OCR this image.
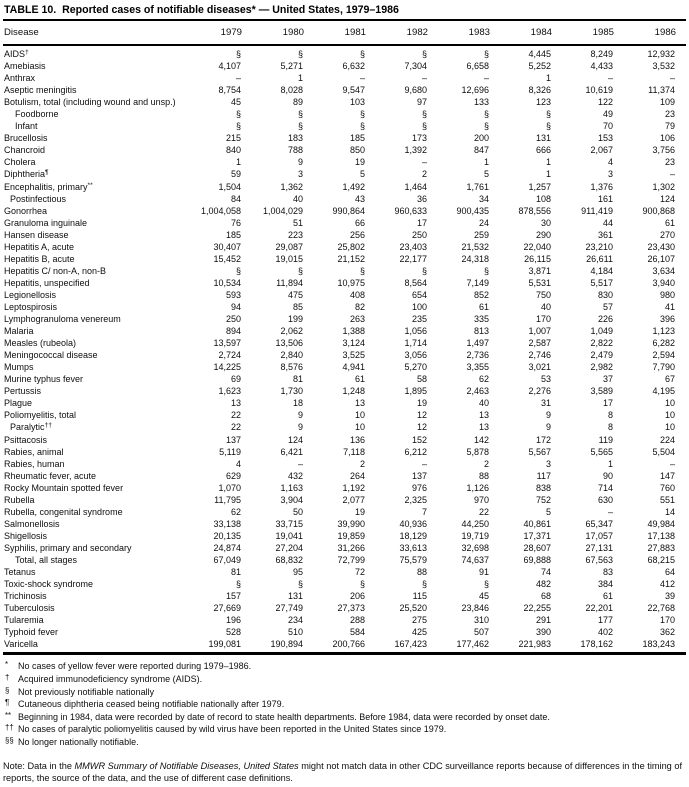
TABLE 10.  Reported cases of notifiable diseases* — United States, 1979–1986
Disease	1979	1980	1981	1982	1983	1984	1985	1986
AIDS†	§	§	§	§	§	4,445	8,249	12,932
Amebiasis	4,107	5,271	6,632	7,304	6,658	5,252	4,433	3,532
Anthrax	–	1	–	–	–	1	–	–
Aseptic meningitis	8,754	8,028	9,547	9,680	12,696	8,326	10,619	11,374
Botulism, total (including wound and unsp.)	45	89	103	97	133	123	122	109
Foodborne	§	§	§	§	§	§	49	23
Infant	§	§	§	§	§	§	70	79
Brucellosis	215	183	185	173	200	131	153	106
Chancroid	840	788	850	1,392	847	666	2,067	3,756
Cholera	1	9	19	–	1	1	4	23
Diphtheria¶	59	3	5	2	5	1	3	–
Encephalitis, primary**	1,504	1,362	1,492	1,464	1,761	1,257	1,376	1,302
Postinfectious	84	40	43	36	34	108	161	124
Gonorrhea	1,004,058	1,004,029	990,864	960,633	900,435	878,556	911,419	900,868
Granuloma inguinale	76	51	66	17	24	30	44	61
Hansen disease	185	223	256	250	259	290	361	270
Hepatitis A, acute	30,407	29,087	25,802	23,403	21,532	22,040	23,210	23,430
Hepatitis B, acute	15,452	19,015	21,152	22,177	24,318	26,115	26,611	26,107
Hepatitis C/ non-A, non-B	§	§	§	§	§	3,871	4,184	3,634
Hepatitis, unspecified	10,534	11,894	10,975	8,564	7,149	5,531	5,517	3,940
Legionellosis	593	475	408	654	852	750	830	980
Leptospirosis	94	85	82	100	61	40	57	41
Lymphogranuloma venereum	250	199	263	235	335	170	226	396
Malaria	894	2,062	1,388	1,056	813	1,007	1,049	1,123
Measles (rubeola)	13,597	13,506	3,124	1,714	1,497	2,587	2,822	6,282
Meningococcal disease	2,724	2,840	3,525	3,056	2,736	2,746	2,479	2,594
Mumps	14,225	8,576	4,941	5,270	3,355	3,021	2,982	7,790
Murine typhus fever	69	81	61	58	62	53	37	67
Pertussis	1,623	1,730	1,248	1,895	2,463	2,276	3,589	4,195
Plague	13	18	13	19	40	31	17	10
Poliomyelitis, total	22	9	10	12	13	9	8	10
Paralytic††	22	9	10	12	13	9	8	10
Psittacosis	137	124	136	152	142	172	119	224
Rabies, animal	5,119	6,421	7,118	6,212	5,878	5,567	5,565	5,504
Rabies, human	4	–	2	–	2	3	1	–
Rheumatic fever, acute	629	432	264	137	88	117	90	147
Rocky Mountain spotted fever	1,070	1,163	1,192	976	1,126	838	714	760
Rubella	11,795	3,904	2,077	2,325	970	752	630	551
Rubella, congenital syndrome	62	50	19	7	22	5	–	14
Salmonellosis	33,138	33,715	39,990	40,936	44,250	40,861	65,347	49,984
Shigellosis	20,135	19,041	19,859	18,129	19,719	17,371	17,057	17,138
Syphilis, primary and secondary	24,874	27,204	31,266	33,613	32,698	28,607	27,131	27,883
Total, all stages	67,049	68,832	72,799	75,579	74,637	69,888	67,563	68,215
Tetanus	81	95	72	88	91	74	83	64
Toxic-shock syndrome	§	§	§	§	§	482	384	412
Trichinosis	157	131	206	115	45	68	61	39
Tuberculosis	27,669	27,749	27,373	25,520	23,846	22,255	22,201	22,768
Tularemia	196	234	288	275	310	291	177	170
Typhoid fever	528	510	584	425	507	390	402	362
Varicella	199,081	190,894	200,766	167,423	177,462	221,983	178,162	183,243
* No cases of yellow fever were reported during 1979–1986.
† Acquired immunodeficiency syndrome (AIDS).
§ Not previously notifiable nationally
¶ Cutaneous diphtheria ceased being notifiable nationally after 1979.
** Beginning in 1984, data were recorded by date of record to state health departments. Before 1984, data were recorded by onset date.
†† No cases of paralytic poliomyelitis caused by wild virus have been reported in the United States since 1979.
§§ No longer nationally notifiable.
Note: Data in the MMWR Summary of Notifiable Diseases, United States might not match data in other CDC surveillance reports because of differences in the timing of reports, the source of the data, and the use of different case definitions.
